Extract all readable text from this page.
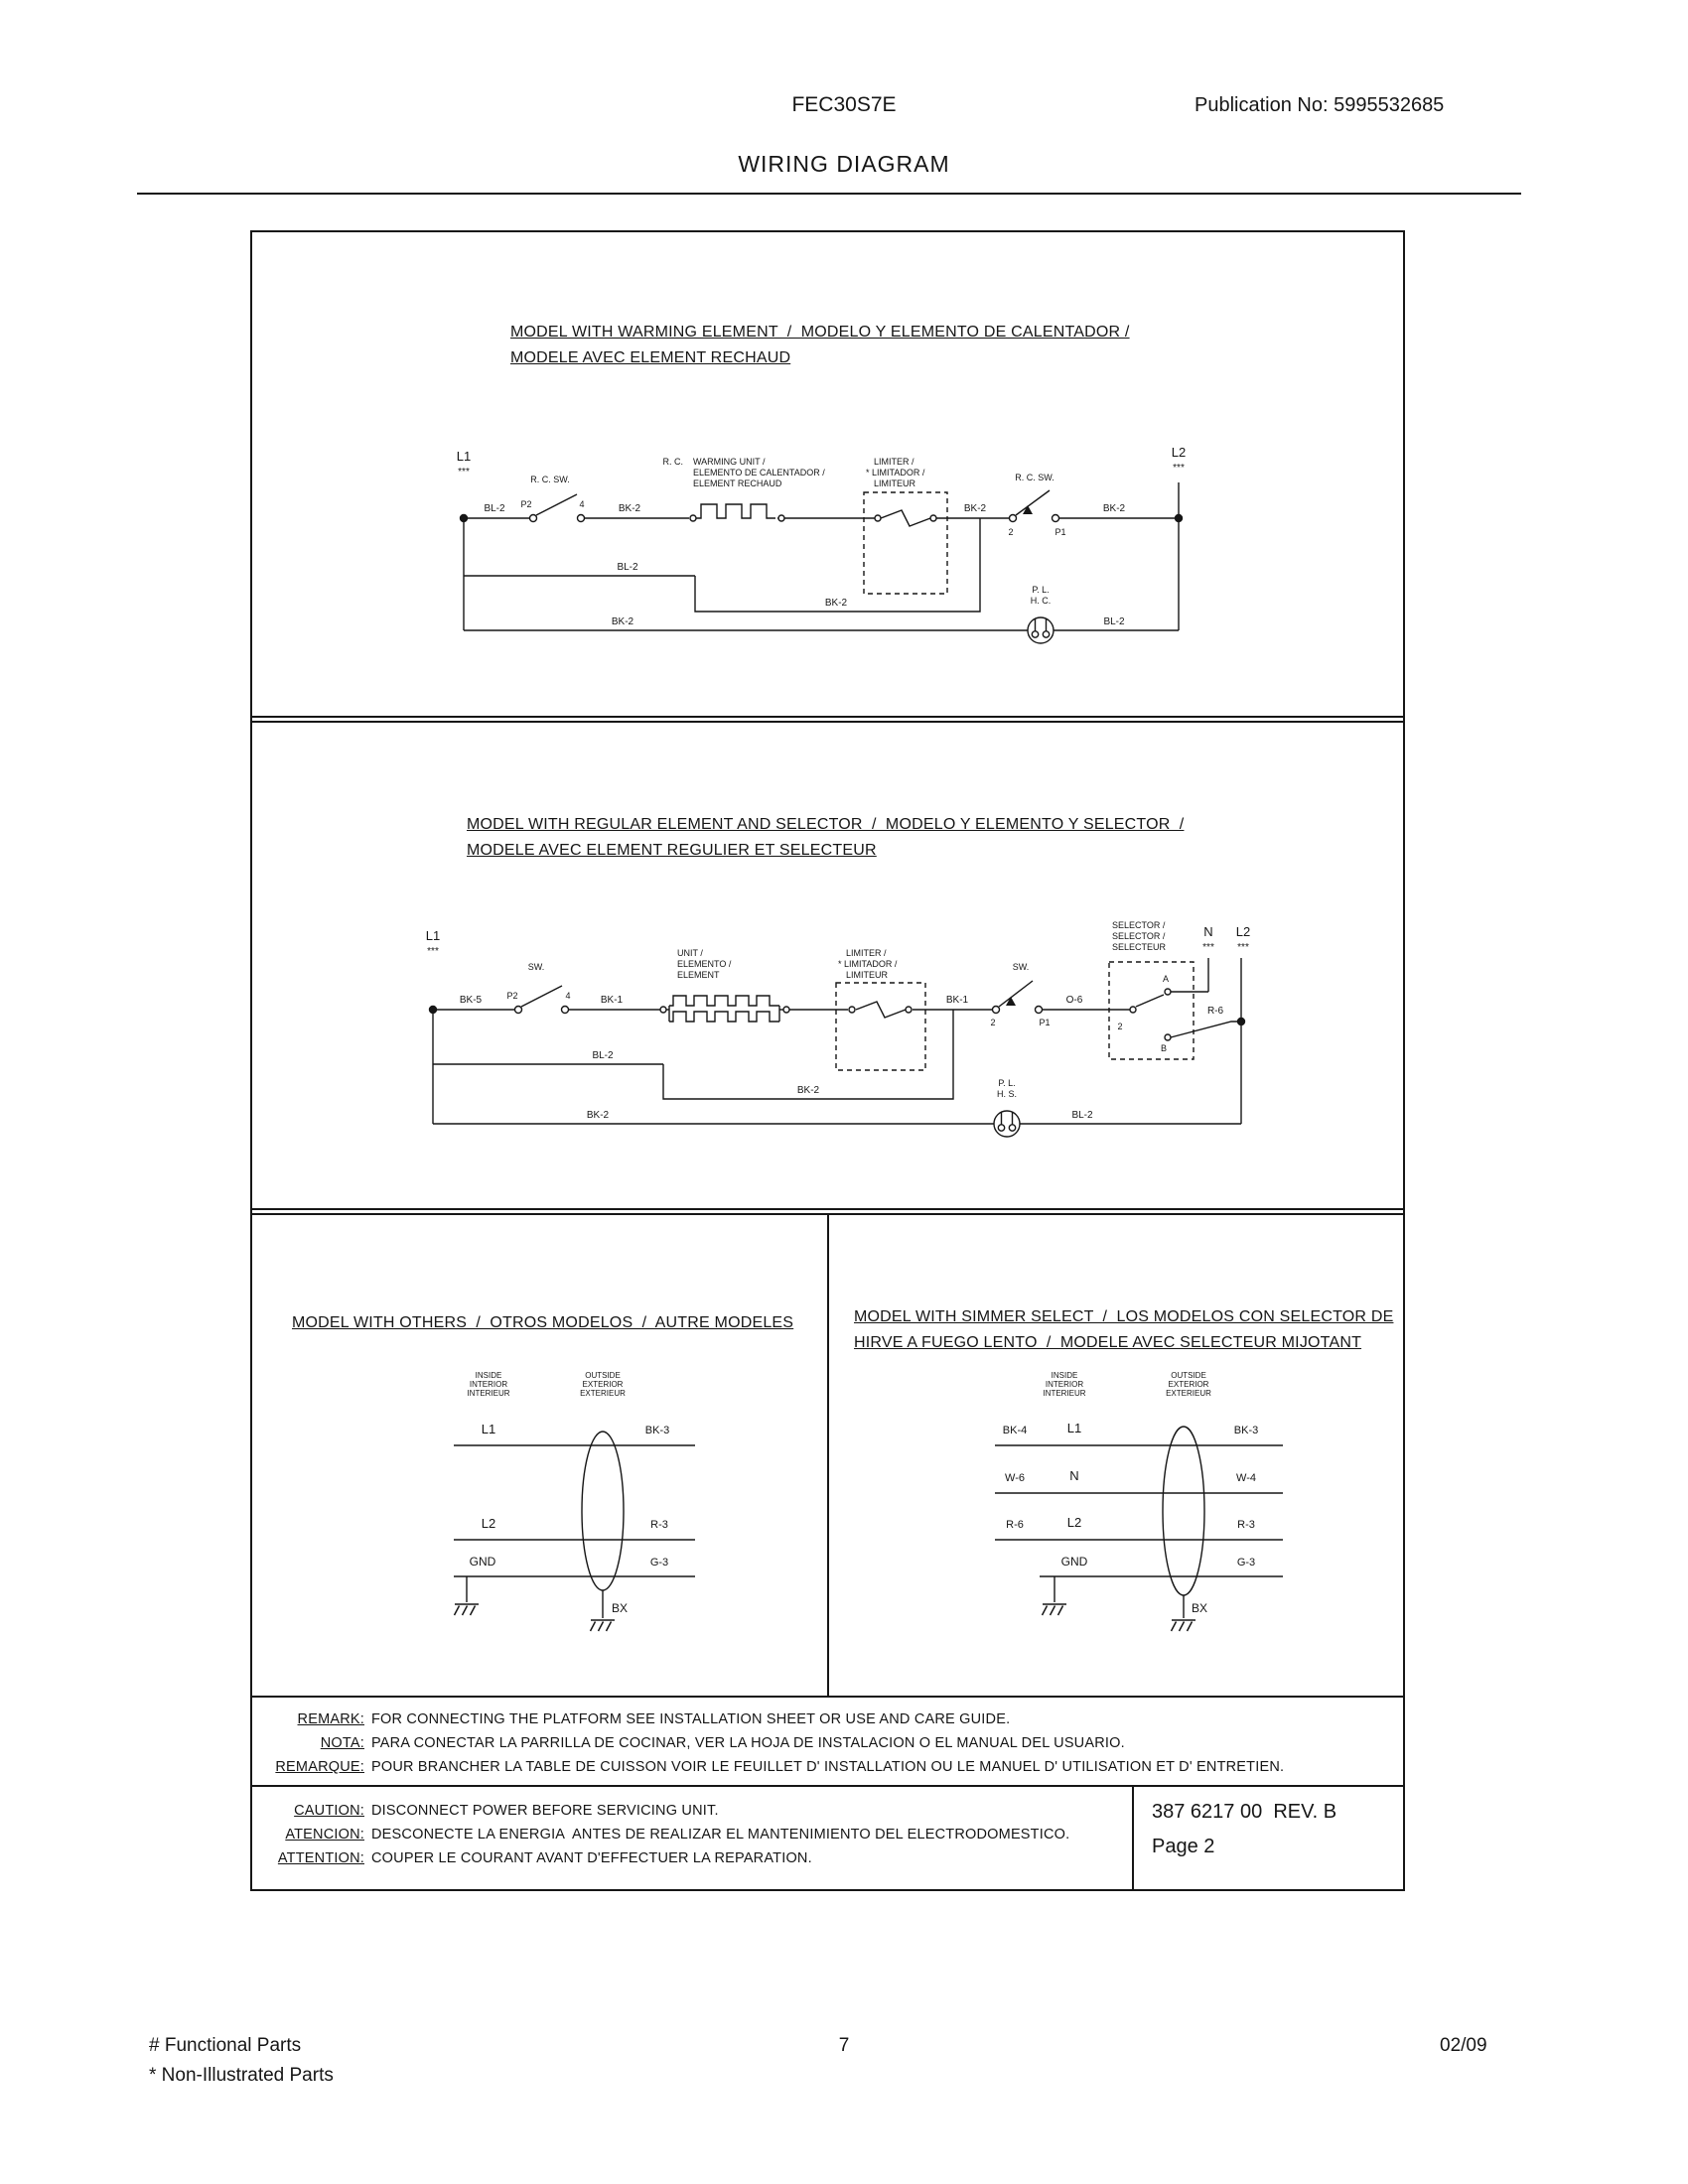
FEC30S7E	Publication No: 5995532685
WIRING DIAGRAM
MODEL WITH WARMING ELEMENT  /  MODELO Y ELEMENTO DE CALENTADOR /
MODELE AVEC ELEMENT RECHAUD
L1
***
BL-2 P2	4
R. C. SW.
BK-2
R. C. WARMING UNIT /
ELEMENTO DE CALENTADOR /
ELEMENT RECHAUD
LIMITER /
* LIMITADOR /
LIMITEUR
BK-2
R. C. SW.
2	P1
BK-2
L2
***
BL-2
BK-2
BK-2
P. L.
H. C.
BL-2
MODEL WITH REGULAR ELEMENT AND SELECTOR  /  MODELO Y ELEMENTO Y SELECTOR  /
MODELE AVEC ELEMENT REGULIER ET SELECTEUR
L1
***
SW.
P2	4
BK-5	BK-1
UNIT /
ELEMENTO /
ELEMENT
LIMITER /
* LIMITADOR /
LIMITEUR
BK-1
SW.
2	P1
O-6
SELECTOR /
SELECTOR /
SELECTEUR
A
B
2
N
***
L2
***
R-6
BL-2
BK-2
BK-2
P. L.
H. S.
BL-2
MODEL WITH OTHERS  /  OTROS MODELOS  /  AUTRE MODELES
INSIDE
INTERIOR
INTERIEUR
OUTSIDE
EXTERIOR
EXTERIEUR
L1	BK-3
L2	R-3
GND	G-3
BX
MODEL WITH SIMMER SELECT  /  LOS MODELOS CON SELECTOR DE
HIRVE A FUEGO LENTO  /  MODELE AVEC SELECTEUR MIJOTANT
INSIDE
INTERIOR
INTERIEUR
OUTSIDE
EXTERIOR
EXTERIEUR
BK-4	L1	BK-3
W-6	N	W-4
R-6	L2	R-3
GND	G-3
BX
REMARK: FOR CONNECTING THE PLATFORM SEE INSTALLATION SHEET OR USE AND CARE GUIDE.
NOTA: PARA CONECTAR LA PARRILLA DE COCINAR, VER LA HOJA DE INSTALACION O EL MANUAL DEL USUARIO.
REMARQUE: POUR BRANCHER LA TABLE DE CUISSON VOIR LE FEUILLET D' INSTALLATION OU LE MANUEL D' UTILISATION ET D' ENTRETIEN.
CAUTION: DISCONNECT POWER BEFORE SERVICING UNIT.
ATENCION: DESCONECTE LA ENERGIA  ANTES DE REALIZAR EL MANTENIMIENTO DEL ELECTRODOMESTICO.
ATTENTION: COUPER LE COURANT AVANT D'EFFECTUER LA REPARATION.
387 6217 00  REV. B
Page 2
# Functional Parts
* Non-Illustrated Parts
7	02/09
